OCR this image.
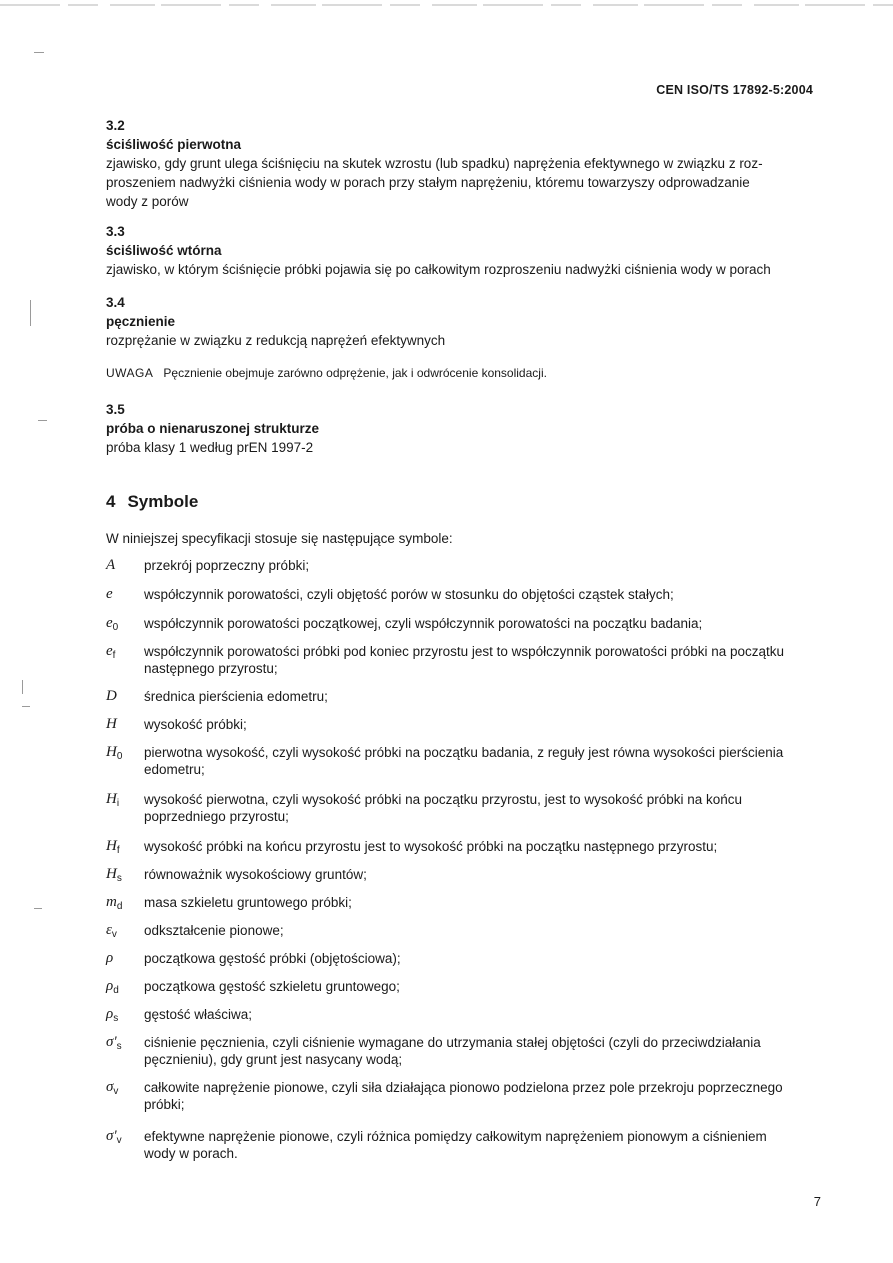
CEN ISO/TS 17892-5:2004
3.2
ściśliwość pierwotna
zjawisko, gdy grunt ulega ściśnięciu na skutek wzrostu (lub spadku) naprężenia efektywnego w związku z roz-
proszeniem nadwyżki ciśnienia wody w porach przy stałym naprężeniu, któremu towarzyszy odprowadzanie
wody z porów
3.3
ściśliwość wtórna
zjawisko, w którym ściśnięcie próbki pojawia się po całkowitym rozproszeniu nadwyżki ciśnienia wody w porach
3.4
pęcznienie
rozprężanie w związku z redukcją naprężeń efektywnych
UWAGA Pęcznienie obejmuje zarówno odprężenie, jak i odwrócenie konsolidacji.
3.5
próba o nienaruszonej strukturze
próba klasy 1 według prEN 1997-2
4 Symbole
W niniejszej specyfikacji stosuje się następujące symbole:
A	przekrój poprzeczny próbki;
e	współczynnik porowatości, czyli objętość porów w stosunku do objętości cząstek stałych;
$e_0$	współczynnik porowatości początkowej, czyli współczynnik porowatości na początku badania;
$e_f$	współczynnik porowatości próbki pod koniec przyrostu jest to współczynnik porowatości próbki na początku
następnego przyrostu;
D	średnica pierścienia edometru;
H	wysokość próbki;
$H_0$	pierwotna wysokość, czyli wysokość próbki na początku badania, z reguły jest równa wysokości pierścienia
edometru;
$H_i$	wysokość pierwotna, czyli wysokość próbki na początku przyrostu, jest to wysokość próbki na końcu
poprzedniego przyrostu;
$H_f$	wysokość próbki na końcu przyrostu jest to wysokość próbki na początku następnego przyrostu;
$H_s$	równoważnik wysokościowy gruntów;
$m_d$	masa szkieletu gruntowego próbki;
$\varepsilon_v$	odkształcenie pionowe;
ρ	początkowa gęstość próbki (objętościowa);
$\rho_d$	początkowa gęstość szkieletu gruntowego;
$\rho_s$	gęstość właściwa;
$\sigma'_s$	ciśnienie pęcznienia, czyli ciśnienie wymagane do utrzymania stałej objętości (czyli do przeciwdziałania
pęcznieniu), gdy grunt jest nasycany wodą;
$\sigma_v$	całkowite naprężenie pionowe, czyli siła działająca pionowo podzielona przez pole przekroju poprzecznego
próbki;
$\sigma'_v$	efektywne naprężenie pionowe, czyli różnica pomiędzy całkowitym naprężeniem pionowym a ciśnieniem
wody w porach.
7
